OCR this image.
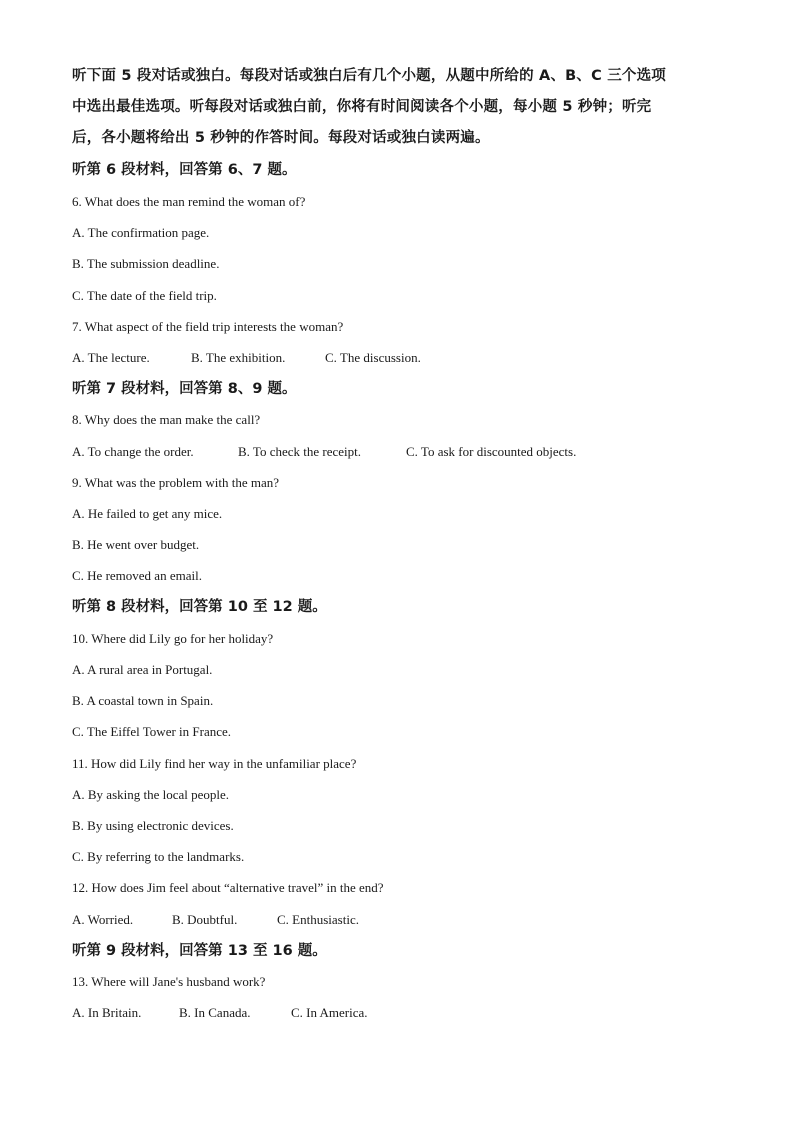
听下面 5 段对话或独白。每段对话或独白后有几个小题，从题中所给的 A、B、C 三个选项
中选出最佳选项。听每段对话或独白前，你将有时间阅读各个小题，每小题 5 秒钟；听完
后，各小题将给出 5 秒钟的作答时间。每段对话或独白读两遍。
听第 6 段材料，回答第 6、7 题。
6. What does the man remind the woman of?
A. The confirmation page.
B. The submission deadline.
C. The date of the field trip.
7. What aspect of the field trip interests the woman?
A. The lecture.	B. The exhibition.	C. The discussion.
听第 7 段材料，回答第 8、9 题。
8. Why does the man make the call?
A. To change the order.	B. To check the receipt.	C. To ask for discounted objects.
9. What was the problem with the man?
A. He failed to get any mice.
B. He went over budget.
C. He removed an email.
听第 8 段材料，回答第 10 至 12 题。
10. Where did Lily go for her holiday?
A. A rural area in Portugal.
B. A coastal town in Spain.
C. The Eiffel Tower in France.
11. How did Lily find her way in the unfamiliar place?
A. By asking the local people.
B. By using electronic devices.
C. By referring to the landmarks.
12. How does Jim feel about “alternative travel” in the end?
A. Worried.	B. Doubtful.	C. Enthusiastic.
听第 9 段材料，回答第 13 至 16 题。
13. Where will Jane's husband work?
A. In Britain.	B. In Canada.	C. In America.
